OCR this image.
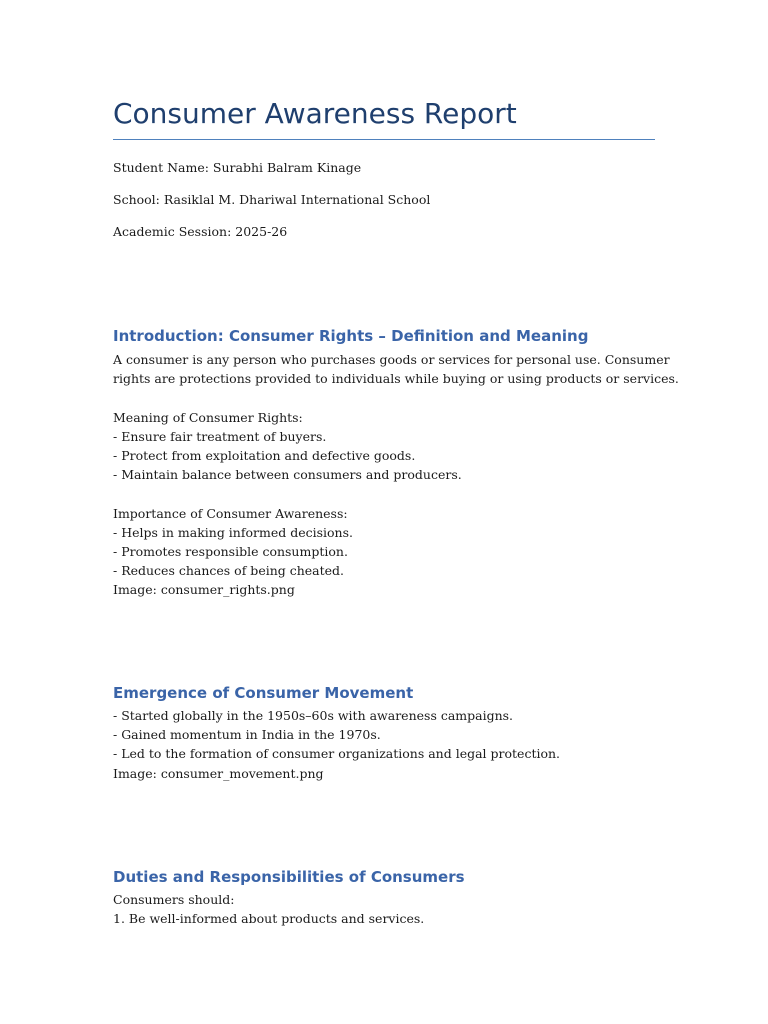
Consumer Awareness Report

Student Name: Surabhi Balram Kinage

School: Rasiklal M. Dhariwal International School

Academic Session: 2025-26

Introduction: Consumer Rights – Definition and Meaning
A consumer is any person who purchases goods or services for personal use. Consumer
rights are protections provided to individuals while buying or using products or services.
Meaning of Consumer Rights:
- Ensure fair treatment of buyers.
- Protect from exploitation and defective goods.
- Maintain balance between consumers and producers.
Importance of Consumer Awareness:
- Helps in making informed decisions.
- Promotes responsible consumption.
- Reduces chances of being cheated.
Image: consumer_rights.png
Emergence of Consumer Movement
- Started globally in the 1950s–60s with awareness campaigns.
- Gained momentum in India in the 1970s.
- Led to the formation of consumer organizations and legal protection.
Image: consumer_movement.png
Duties and Responsibilities of Consumers
Consumers should:
1. Be well-informed about products and services.
